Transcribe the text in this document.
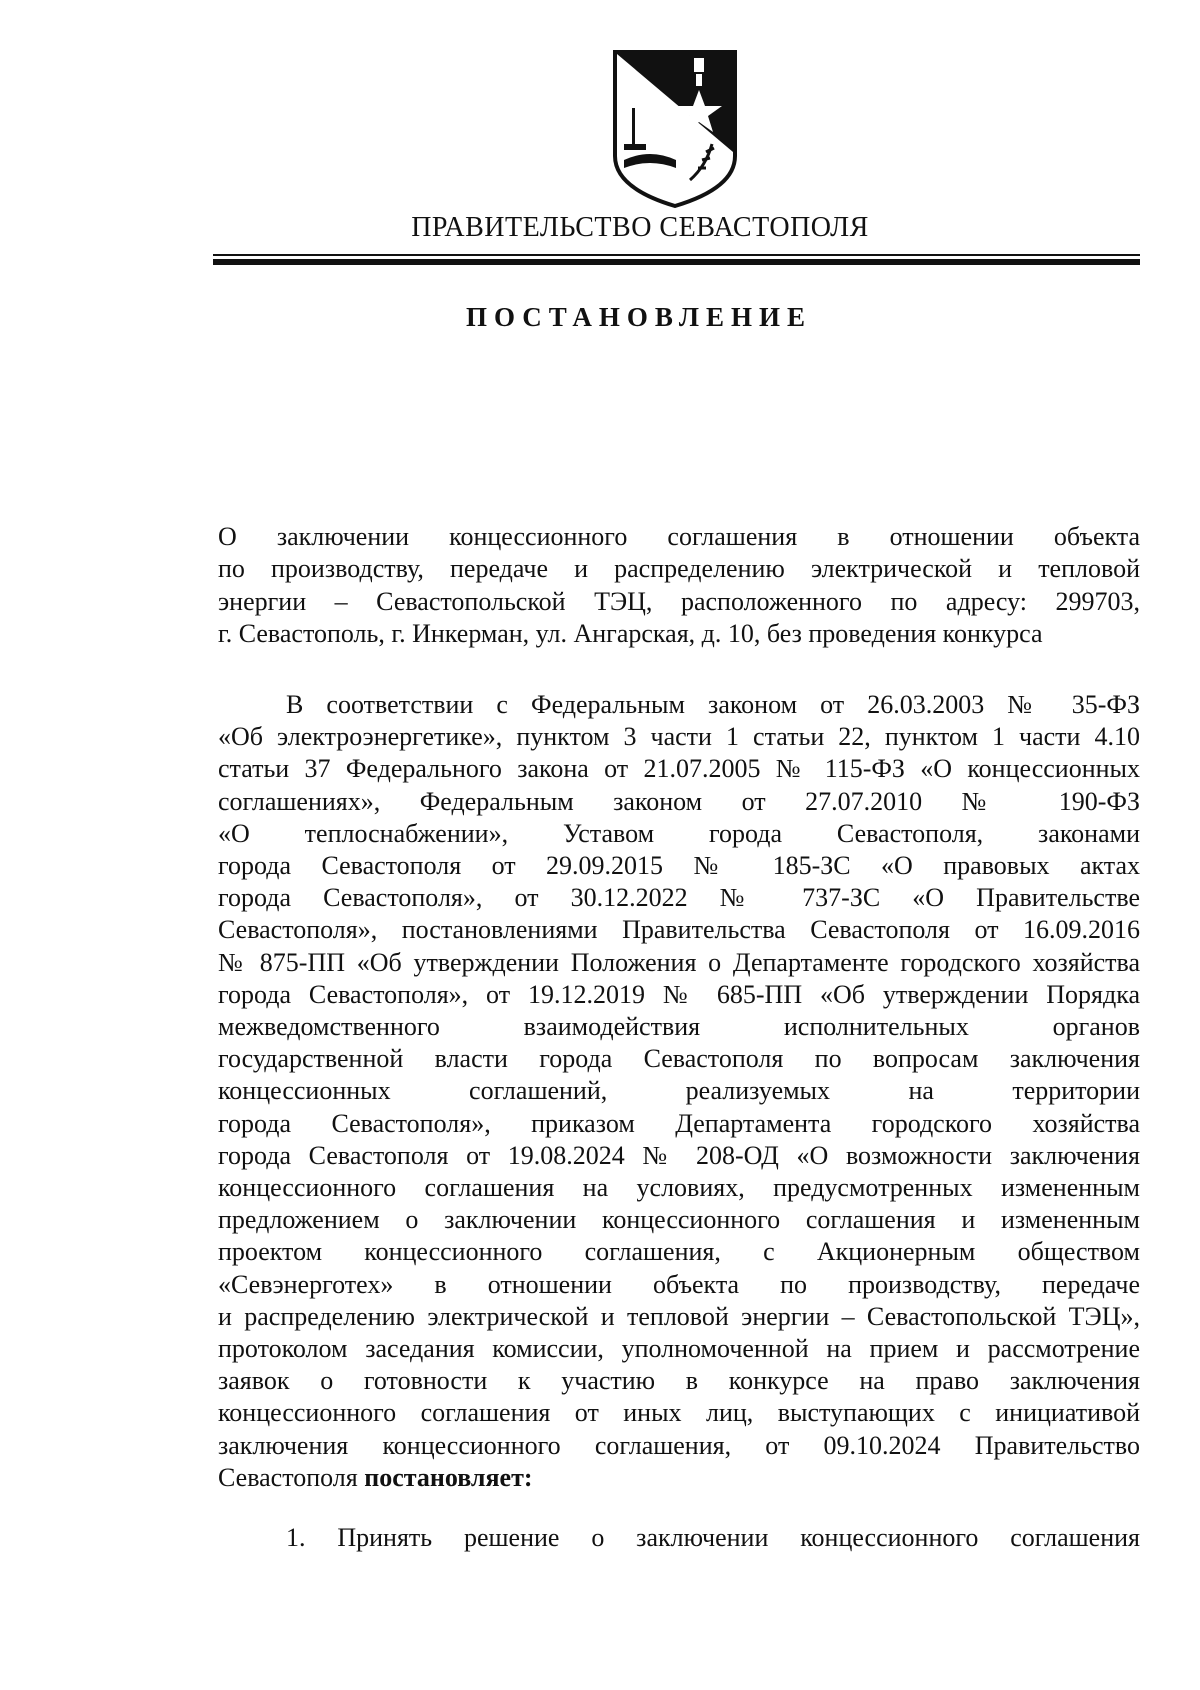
ПРАВИТЕЛЬСТВО СЕВАСТОПОЛЯ
ПОСТАНОВЛЕНИЕ
О заключении концессионного соглашения в отношении объекта
по производству, передаче и распределению электрической и тепловой
энергии – Севастопольской ТЭЦ, расположенного по адресу: 299703,
г. Севастополь, г. Инкерман, ул. Ангарская, д. 10, без проведения конкурса
В соответствии с Федеральным законом от 26.03.2003 № 35-ФЗ
«Об электроэнергетике», пунктом 3 части 1 статьи 22, пунктом 1 части 4.10
статьи 37 Федерального закона от 21.07.2005 № 115-ФЗ «О концессионных
соглашениях», Федеральным законом от 27.07.2010 № 190-ФЗ
«О теплоснабжении», Уставом города Севастополя, законами
города Севастополя от 29.09.2015 № 185-ЗС «О правовых актах
города Севастополя», от 30.12.2022 № 737-ЗС «О Правительстве
Севастополя», постановлениями Правительства Севастополя от 16.09.2016
№ 875-ПП «Об утверждении Положения о Департаменте городского хозяйства
города Севастополя», от 19.12.2019 № 685-ПП «Об утверждении Порядка
межведомственного взаимодействия исполнительных органов
государственной власти города Севастополя по вопросам заключения
концессионных соглашений, реализуемых на территории
города Севастополя», приказом Департамента городского хозяйства
города Севастополя от 19.08.2024 № 208-ОД «О возможности заключения
концессионного соглашения на условиях, предусмотренных измененным
предложением о заключении концессионного соглашения и измененным
проектом концессионного соглашения, с Акционерным обществом
«Севэнерготех» в отношении объекта по производству, передаче
и распределению электрической и тепловой энергии – Севастопольской ТЭЦ»,
протоколом заседания комиссии, уполномоченной на прием и рассмотрение
заявок о готовности к участию в конкурсе на право заключения
концессионного соглашения от иных лиц, выступающих с инициативой
заключения концессионного соглашения, от 09.10.2024 Правительство
Севастополя постановляет:
1. Принять решение о заключении концессионного соглашения
